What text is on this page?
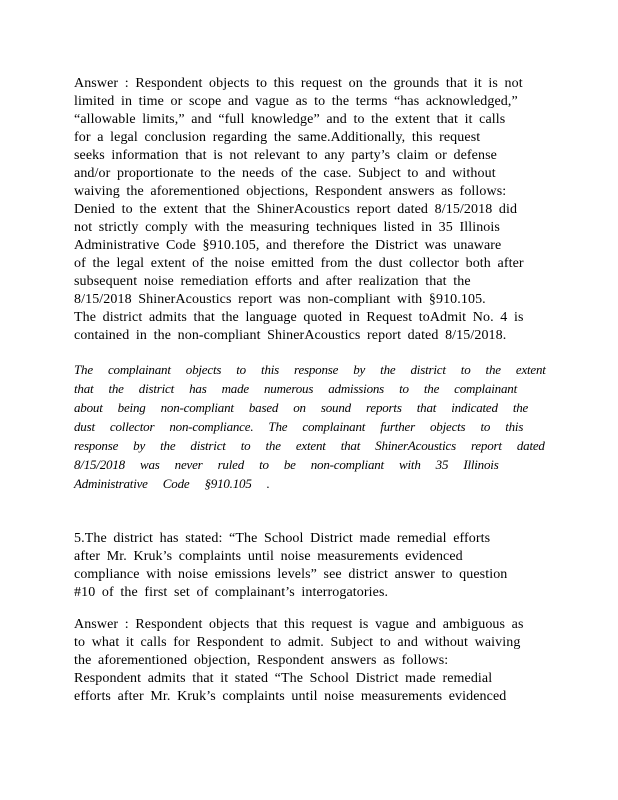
Answer : Respondent objects to this request on the grounds that it is not
limited in time or scope and vague as to the terms “has acknowledged,”
“allowable limits,” and “full knowledge” and to the extent that it calls
for a legal conclusion regarding the same.Additionally, this request
seeks information that is not relevant to any party’s claim or defense
and/or proportionate to the needs of the case. Subject to and without
waiving the aforementioned objections, Respondent answers as follows:
Denied to the extent that the ShinerAcoustics report dated 8/15/2018 did
not strictly comply with the measuring techniques listed in 35 Illinois
Administrative Code §910.105, and therefore the District was unaware
of the legal extent of the noise emitted from the dust collector both after
subsequent noise remediation efforts and after realization that the
8/15/2018 ShinerAcoustics report was non-compliant with §910.105.
The district admits that the language quoted in Request toAdmit No. 4 is
contained in the non-compliant ShinerAcoustics report dated 8/15/2018.
The complainant objects to this response by the district to the extent
that the district has made numerous admissions to the complainant
about being non-compliant based on sound reports that indicated the
dust collector non-compliance. The complainant further objects to this
response by the district to the extent that ShinerAcoustics report dated
8/15/2018 was never ruled to be non-compliant with 35 Illinois
Administrative Code §910.105 .
5.The district has stated: “The School District made remedial efforts
after Mr. Kruk’s complaints until noise measurements evidenced
compliance with noise emissions levels” see district answer to question
#10 of the first set of complainant’s interrogatories.
Answer : Respondent objects that this request is vague and ambiguous as
to what it calls for Respondent to admit. Subject to and without waiving
the aforementioned objection, Respondent answers as follows:
Respondent admits that it stated “The School District made remedial
efforts after Mr. Kruk’s complaints until noise measurements evidenced
